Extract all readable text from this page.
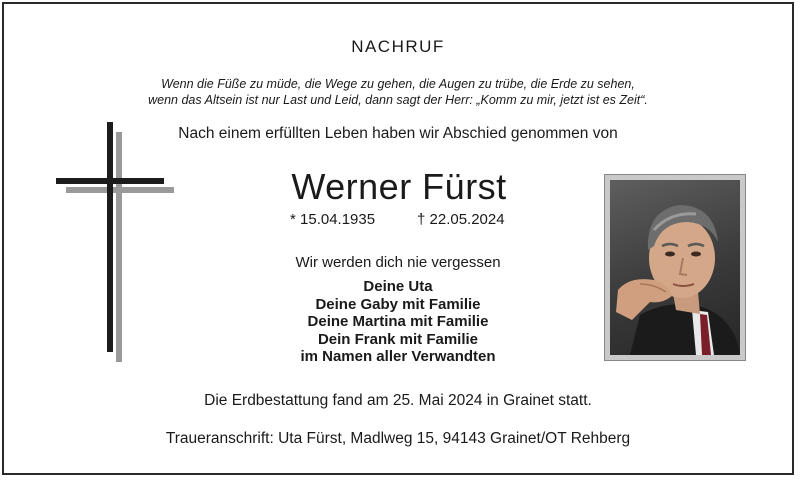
NACHRUF
Wenn die Füße zu müde, die Wege zu gehen, die Augen zu trübe, die Erde zu sehen,
wenn das Altsein ist nur Last und Leid, dann sagt der Herr: „Komm zu mir, jetzt ist es Zeit“.
Nach einem erfüllten Leben haben wir Abschied genommen von
Werner Fürst
* 15.04.1935	† 22.05.2024
Wir werden dich nie vergessen
Deine Uta
Deine Gaby mit Familie
Deine Martina mit Familie
Dein Frank mit Familie
im Namen aller Verwandten
Die Erdbestattung fand am 25. Mai 2024 in Grainet statt.
Traueranschrift: Uta Fürst, Madlweg 15, 94143 Grainet/OT Rehberg
